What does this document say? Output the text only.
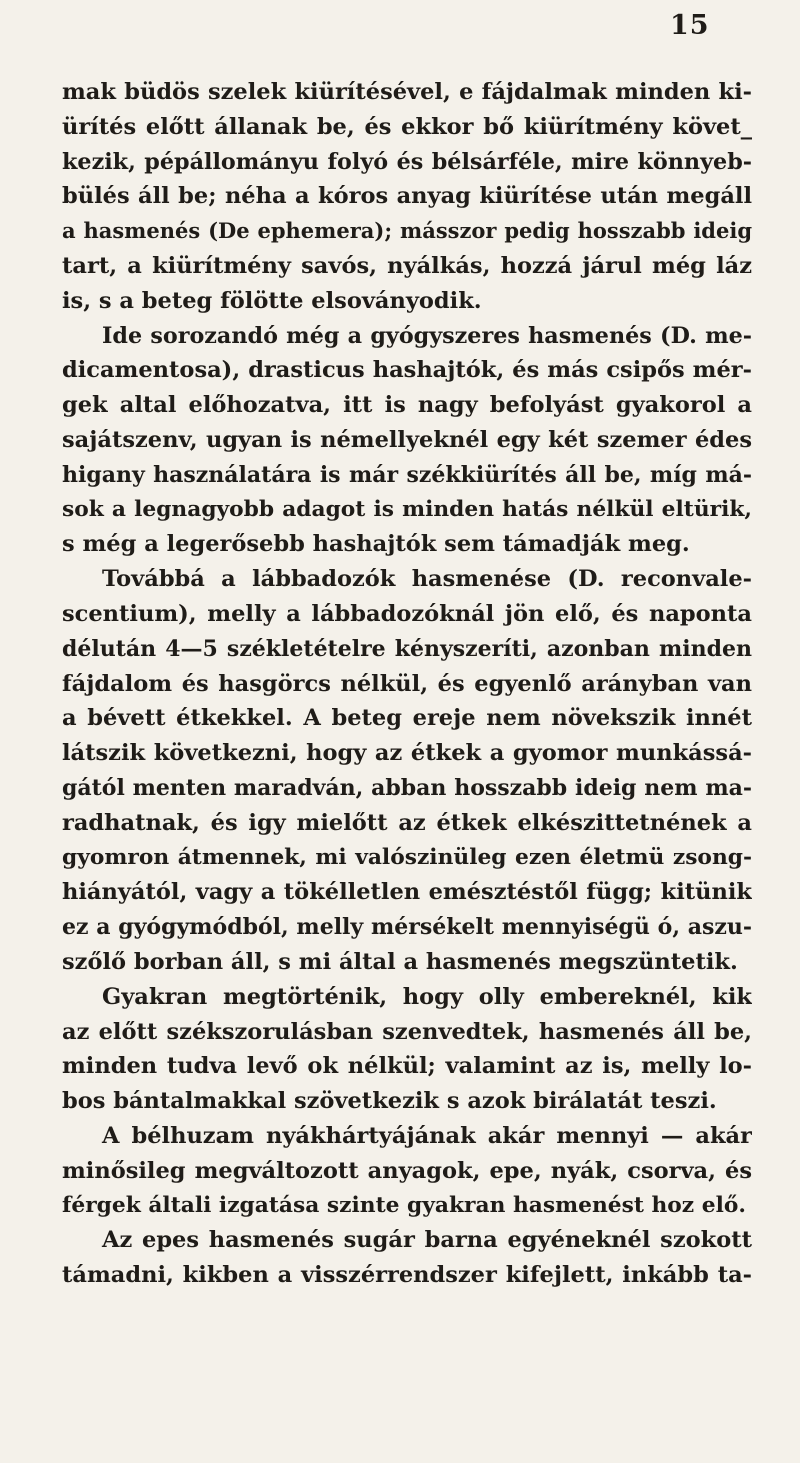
15
mak büdös szelek kiürítésével, e fájdalmak minden ki-
ürítés előtt állanak be, és ekkor bő kiürítmény követ_
kezik, pépállományu folyó és bélsárféle, mire könnyeb-
bülés áll be; néha a kóros anyag kiürítése után megáll
a hasmenés (De ephemera); másszor pedig hosszabb ideig
tart, a kiürítmény savós, nyálkás, hozzá járul még láz
is, s a beteg fölötte elsoványodik.
Ide sorozandó még a gyógyszeres hasmenés (D. me-
dicamentosa), drasticus hashajtók, és más csipős mér-
gek altal előhozatva, itt is nagy befolyást gyakorol a
sajátszenv, ugyan is némellyeknél egy két szemer édes
higany használatára is már székkiürítés áll be, míg má-
sok a legnagyobb adagot is minden hatás nélkül eltürik,
s még a legerősebb hashajtók sem támadják meg.
Továbbá a lábbadozók hasmenése (D. reconvale-
scentium), melly a lábbadozóknál jön elő, és naponta
délután 4—5 székletételre kényszeríti, azonban minden
fájdalom és hasgörcs nélkül, és egyenlő arányban van
a bévett étkekkel. A beteg ereje nem növekszik innét
látszik következni, hogy az étkek a gyomor munkássá-
gától menten maradván, abban hosszabb ideig nem ma-
radhatnak, és igy mielőtt az étkek elkészittetnének a
gyomron átmennek, mi valószinüleg ezen életmü zsong-
hiányától, vagy a tökélletlen emésztéstől függ; kitünik
ez a gyógymódból, melly mérsékelt mennyiségü ó, aszu-
szőlő borban áll, s mi által a hasmenés megszüntetik.
Gyakran megtörténik, hogy olly embereknél, kik
az előtt székszorulásban szenvedtek, hasmenés áll be,
minden tudva levő ok nélkül; valamint az is, melly lo-
bos bántalmakkal szövetkezik s azok birálatát teszi.
A bélhuzam nyákhártyájának akár mennyi — akár
minősileg megváltozott anyagok, epe, nyák, csorva, és
férgek általi izgatása szinte gyakran hasmenést hoz elő.
Az epes hasmenés sugár barna egyéneknél szokott
támadni, kikben a visszérrendszer kifejlett, inkább ta-
